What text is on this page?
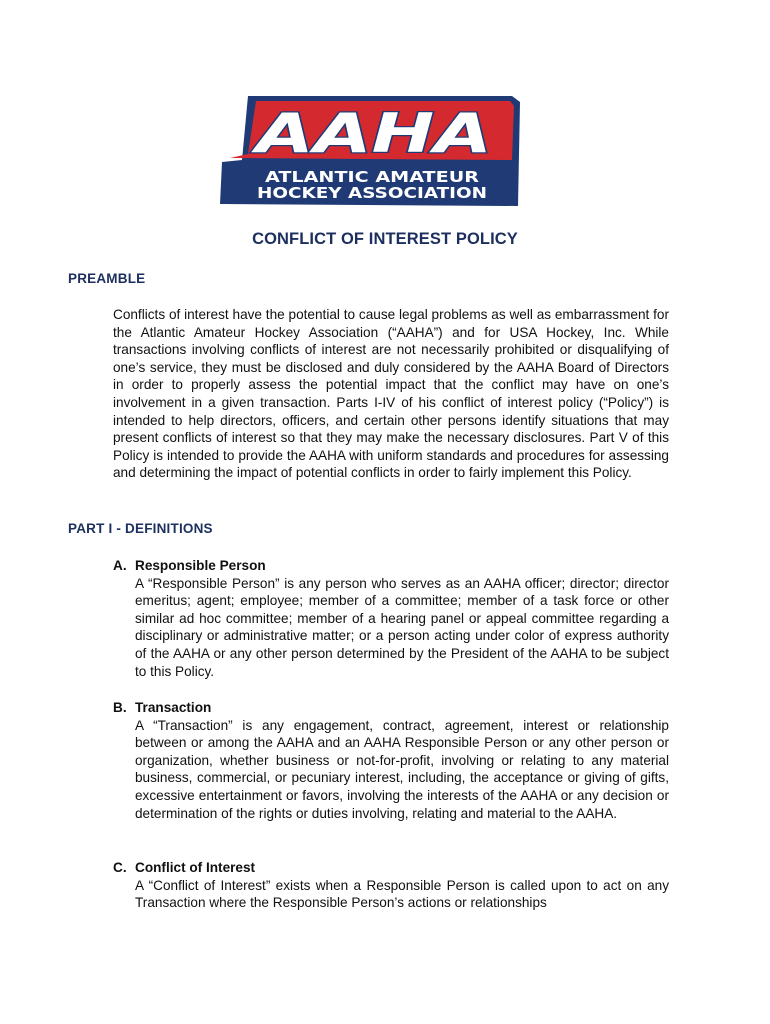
AAHA
ATLANTIC AMATEUR
HOCKEY ASSOCIATION
CONFLICT OF INTEREST POLICY
PREAMBLE
Conflicts of interest have the potential to cause legal problems as well as embarrassment for the Atlantic Amateur Hockey Association (“AAHA”) and for USA Hockey, Inc. While transactions involving conflicts of interest are not necessarily prohibited or disqualifying of one’s service, they must be disclosed and duly considered by the AAHA Board of Directors in order to properly assess the potential impact that the conflict may have on one’s involvement in a given transaction. Parts I-IV of his conflict of interest policy (“Policy”) is intended to help directors, officers, and certain other persons identify situations that may present conflicts of interest so that they may make the necessary disclosures. Part V of this Policy is intended to provide the AAHA with uniform standards and procedures for assessing and determining the impact of potential conflicts in order to fairly implement this Policy.
PART I - DEFINITIONS
A. Responsible Person
A “Responsible Person” is any person who serves as an AAHA officer; director; director emeritus; agent; employee; member of a committee; member of a task force or other similar ad hoc committee; member of a hearing panel or appeal committee regarding a disciplinary or administrative matter; or a person acting under color of express authority of the AAHA or any other person determined by the President of the AAHA to be subject to this Policy.
B. Transaction
A “Transaction” is any engagement, contract, agreement, interest or relationship between or among the AAHA and an AAHA Responsible Person or any other person or organization, whether business or not-for-profit, involving or relating to any material business, commercial, or pecuniary interest, including, the acceptance or giving of gifts, excessive entertainment or favors, involving the interests of the AAHA or any decision or determination of the rights or duties involving, relating and material to the AAHA.
C. Conflict of Interest
A “Conflict of Interest” exists when a Responsible Person is called upon to act on any Transaction where the Responsible Person’s actions or relationships
